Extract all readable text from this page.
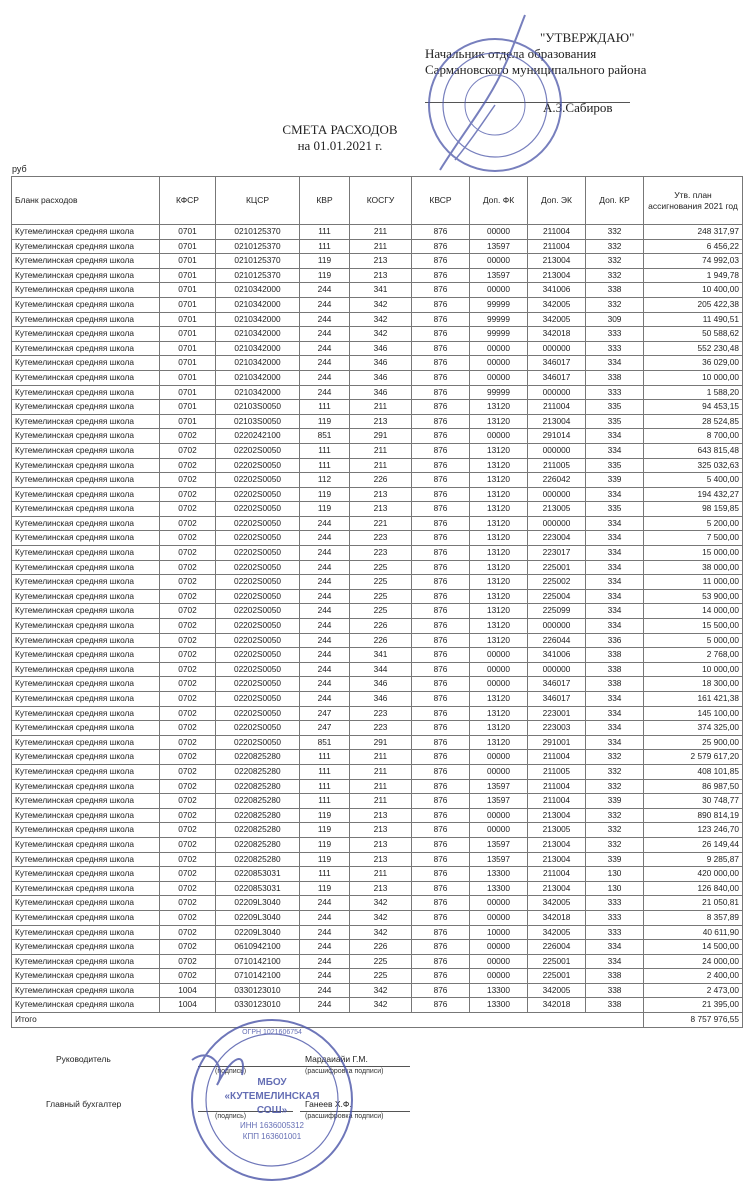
"УТВЕРЖДАЮ"
Начальник отдела образования
Сармановского муниципального района
А.З.Сабиров
СМЕТА РАСХОДОВ
на 01.01.2021 г.
руб
Бланк расходов	КФСР	КЦСР	КВР	КОСГУ	КВСР	Доп. ФК	Доп. ЭК	Доп. КР	Утв. план ассигнования 2021 год
Кутемелинская средняя школа	0701	0210125370	111	211	876	00000	211004	332	248 317,97
Кутемелинская средняя школа	0701	0210125370	111	211	876	13597	211004	332	6 456,22
Кутемелинская средняя школа	0701	0210125370	119	213	876	00000	213004	332	74 992,03
Кутемелинская средняя школа	0701	0210125370	119	213	876	13597	213004	332	1 949,78
Кутемелинская средняя школа	0701	0210342000	244	341	876	00000	341006	338	10 400,00
Кутемелинская средняя школа	0701	0210342000	244	342	876	99999	342005	332	205 422,38
Кутемелинская средняя школа	0701	0210342000	244	342	876	99999	342005	309	11 490,51
Кутемелинская средняя школа	0701	0210342000	244	342	876	99999	342018	333	50 588,62
Кутемелинская средняя школа	0701	0210342000	244	346	876	00000	000000	333	552 230,48
Кутемелинская средняя школа	0701	0210342000	244	346	876	00000	346017	334	36 029,00
Кутемелинская средняя школа	0701	0210342000	244	346	876	00000	346017	338	10 000,00
Кутемелинская средняя школа	0701	0210342000	244	346	876	99999	000000	333	1 588,20
Кутемелинская средняя школа	0701	02103S0050	111	211	876	13120	211004	335	94 453,15
Кутемелинская средняя школа	0701	02103S0050	119	213	876	13120	213004	335	28 524,85
Кутемелинская средняя школа	0702	0220242100	851	291	876	00000	291014	334	8 700,00
Кутемелинская средняя школа	0702	02202S0050	111	211	876	13120	000000	334	643 815,48
Кутемелинская средняя школа	0702	02202S0050	111	211	876	13120	211005	335	325 032,63
Кутемелинская средняя школа	0702	02202S0050	112	226	876	13120	226042	339	5 400,00
Кутемелинская средняя школа	0702	02202S0050	119	213	876	13120	000000	334	194 432,27
Кутемелинская средняя школа	0702	02202S0050	119	213	876	13120	213005	335	98 159,85
Кутемелинская средняя школа	0702	02202S0050	244	221	876	13120	000000	334	5 200,00
Кутемелинская средняя школа	0702	02202S0050	244	223	876	13120	223004	334	7 500,00
Кутемелинская средняя школа	0702	02202S0050	244	223	876	13120	223017	334	15 000,00
Кутемелинская средняя школа	0702	02202S0050	244	225	876	13120	225001	334	38 000,00
Кутемелинская средняя школа	0702	02202S0050	244	225	876	13120	225002	334	11 000,00
Кутемелинская средняя школа	0702	02202S0050	244	225	876	13120	225004	334	53 900,00
Кутемелинская средняя школа	0702	02202S0050	244	225	876	13120	225099	334	14 000,00
Кутемелинская средняя школа	0702	02202S0050	244	226	876	13120	000000	334	15 500,00
Кутемелинская средняя школа	0702	02202S0050	244	226	876	13120	226044	336	5 000,00
Кутемелинская средняя школа	0702	02202S0050	244	341	876	00000	341006	338	2 768,00
Кутемелинская средняя школа	0702	02202S0050	244	344	876	00000	000000	338	10 000,00
Кутемелинская средняя школа	0702	02202S0050	244	346	876	00000	346017	338	18 300,00
Кутемелинская средняя школа	0702	02202S0050	244	346	876	13120	346017	334	161 421,38
Кутемелинская средняя школа	0702	02202S0050	247	223	876	13120	223001	334	145 100,00
Кутемелинская средняя школа	0702	02202S0050	247	223	876	13120	223003	334	374 325,00
Кутемелинская средняя школа	0702	02202S0050	851	291	876	13120	291001	334	25 900,00
Кутемелинская средняя школа	0702	0220825280	111	211	876	00000	211004	332	2 579 617,20
Кутемелинская средняя школа	0702	0220825280	111	211	876	00000	211005	332	408 101,85
Кутемелинская средняя школа	0702	0220825280	111	211	876	13597	211004	332	86 987,50
Кутемелинская средняя школа	0702	0220825280	111	211	876	13597	211004	339	30 748,77
Кутемелинская средняя школа	0702	0220825280	119	213	876	00000	213004	332	890 814,19
Кутемелинская средняя школа	0702	0220825280	119	213	876	00000	213005	332	123 246,70
Кутемелинская средняя школа	0702	0220825280	119	213	876	13597	213004	332	26 149,44
Кутемелинская средняя школа	0702	0220825280	119	213	876	13597	213004	339	9 285,87
Кутемелинская средняя школа	0702	0220853031	111	211	876	13300	211004	130	420 000,00
Кутемелинская средняя школа	0702	0220853031	119	213	876	13300	213004	130	126 840,00
Кутемелинская средняя школа	0702	02209L3040	244	342	876	00000	342005	333	21 050,81
Кутемелинская средняя школа	0702	02209L3040	244	342	876	00000	342018	333	8 357,89
Кутемелинская средняя школа	0702	02209L3040	244	342	876	10000	342005	333	40 611,90
Кутемелинская средняя школа	0702	0610942100	244	226	876	00000	226004	334	14 500,00
Кутемелинская средняя школа	0702	0710142100	244	225	876	00000	225001	334	24 000,00
Кутемелинская средняя школа	0702	0710142100	244	225	876	00000	225001	338	2 400,00
Кутемелинская средняя школа	1004	0330123010	244	342	876	13300	342005	338	2 473,00
Кутемелинская средняя школа	1004	0330123010	244	342	876	13300	342018	338	21 395,00
Итого									8 757 976,55
Руководитель	Мардаиайи Г.М.
(подпись)	(расшифровка подписи)
Главный бухгалтер	Ганеев Х.Ф.
(подпись)	(расшифровка подписи)
МБОУ
«КУТЕМЕЛИНСКАЯ
СОШ»
ИНН 1636005312
КПП 163601001
ОГРН 1021606754
